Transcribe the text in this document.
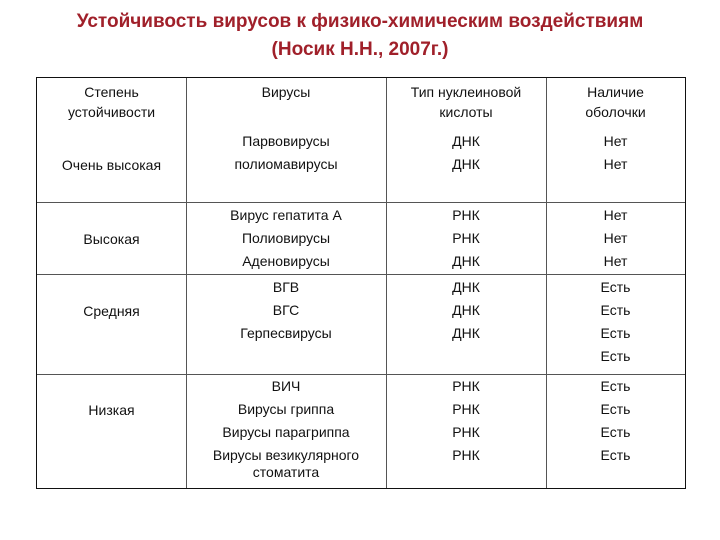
Устойчивость вирусов к физико-химическим воздействиям
(Носик Н.Н., 2007г.)
Степень
устойчивости
Вирусы	Тип нуклеиновой
кислоты
Наличие
оболочки
Очень высокая
Парвовирусы
полиомавирусы
ДНК
ДНК
Нет
Нет
Высокая
Вирус гепатита А
Полиовирусы
Аденовирусы
РНК
РНК
ДНК
Нет
Нет
Нет
Средняя
ВГВ
ВГС
Герпесвирусы
ДНК
ДНК
ДНК
Есть
Есть
Есть
Есть
Низкая
ВИЧ
Вирусы гриппа
Вирусы парагриппа
Вирусы везикулярного стоматита
РНК
РНК
РНК
РНК
Есть
Есть
Есть
Есть
